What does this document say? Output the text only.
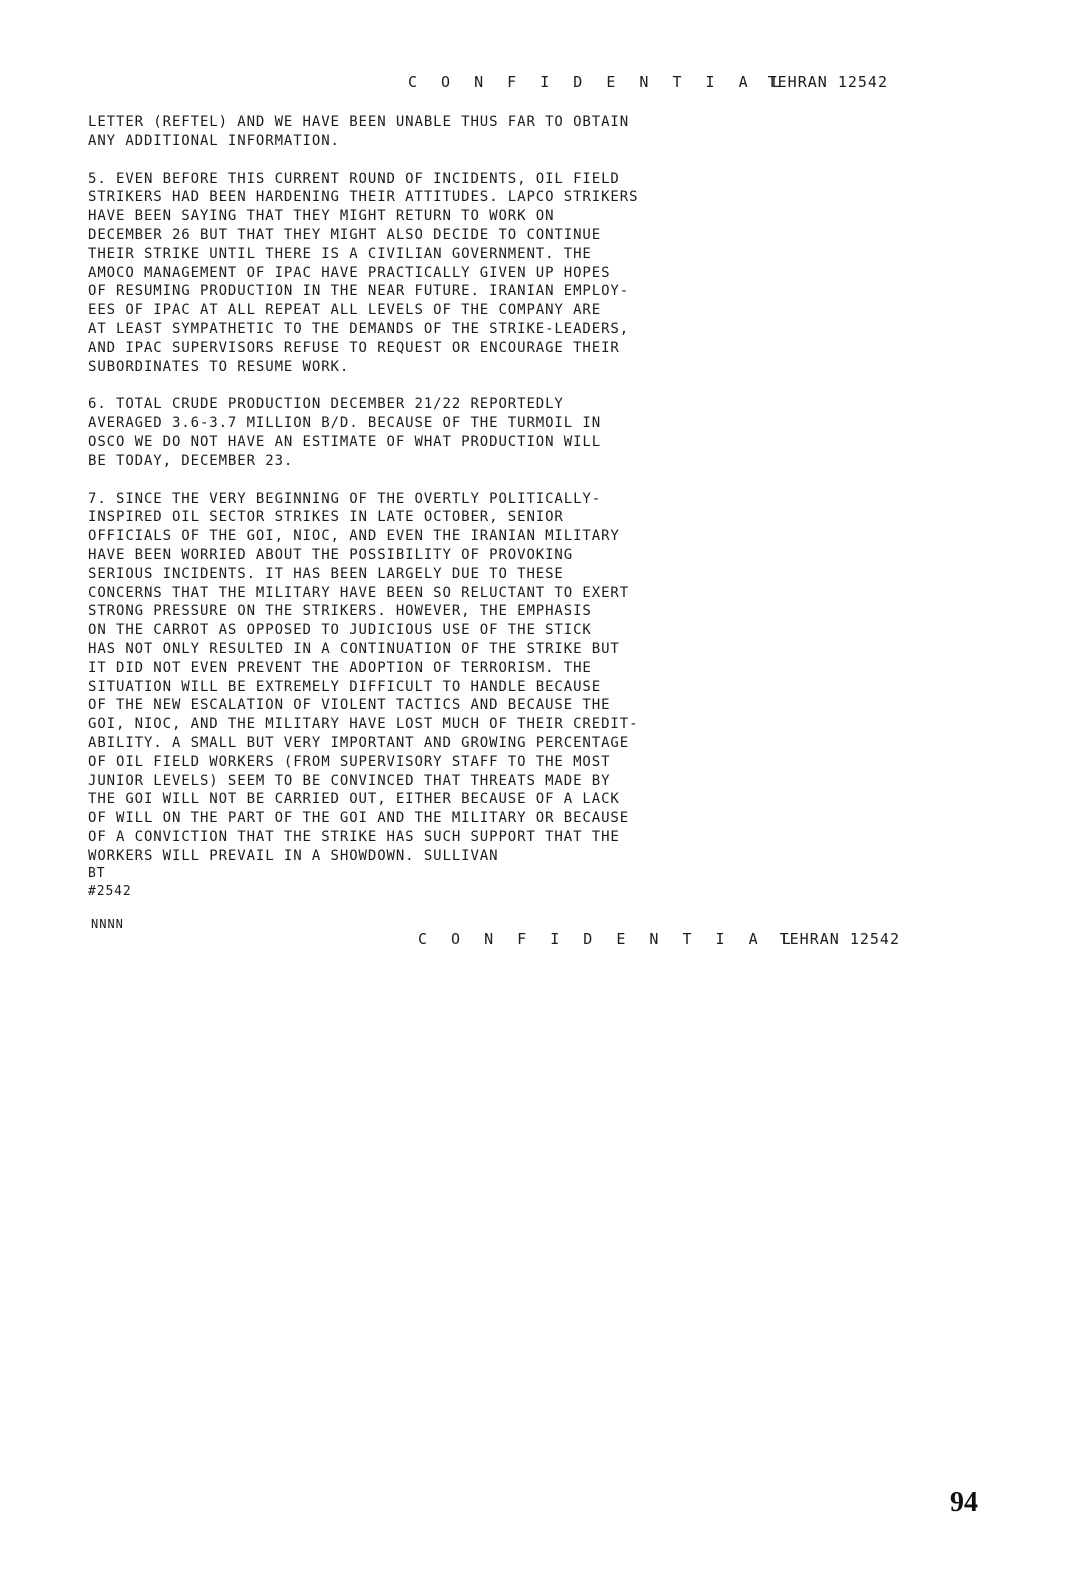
C O N F I D E N T I A L
TEHRAN 12542

LETTER (REFTEL) AND WE HAVE BEEN UNABLE THUS FAR TO OBTAIN
ANY ADDITIONAL INFORMATION.

5. EVEN BEFORE THIS CURRENT ROUND OF INCIDENTS, OIL FIELD
STRIKERS HAD BEEN HARDENING THEIR ATTITUDES. LAPCO STRIKERS
HAVE BEEN SAYING THAT THEY MIGHT RETURN TO WORK ON
DECEMBER 26 BUT THAT THEY MIGHT ALSO DECIDE TO CONTINUE
THEIR STRIKE UNTIL THERE IS A CIVILIAN GOVERNMENT. THE
AMOCO MANAGEMENT OF IPAC HAVE PRACTICALLY GIVEN UP HOPES
OF RESUMING PRODUCTION IN THE NEAR FUTURE. IRANIAN EMPLOY-
EES OF IPAC AT ALL REPEAT ALL LEVELS OF THE COMPANY ARE
AT LEAST SYMPATHETIC TO THE DEMANDS OF THE STRIKE-LEADERS,
AND IPAC SUPERVISORS REFUSE TO REQUEST OR ENCOURAGE THEIR
SUBORDINATES TO RESUME WORK.

6. TOTAL CRUDE PRODUCTION DECEMBER 21/22 REPORTEDLY
AVERAGED 3.6-3.7 MILLION B/D. BECAUSE OF THE TURMOIL IN
OSCO WE DO NOT HAVE AN ESTIMATE OF WHAT PRODUCTION WILL
BE TODAY, DECEMBER 23.

7. SINCE THE VERY BEGINNING OF THE OVERTLY POLITICALLY-
INSPIRED OIL SECTOR STRIKES IN LATE OCTOBER, SENIOR
OFFICIALS OF THE GOI, NIOC, AND EVEN THE IRANIAN MILITARY
HAVE BEEN WORRIED ABOUT THE POSSIBILITY OF PROVOKING
SERIOUS INCIDENTS. IT HAS BEEN LARGELY DUE TO THESE
CONCERNS THAT THE MILITARY HAVE BEEN SO RELUCTANT TO EXERT
STRONG PRESSURE ON THE STRIKERS. HOWEVER, THE EMPHASIS
ON THE CARROT AS OPPOSED TO JUDICIOUS USE OF THE STICK
HAS NOT ONLY RESULTED IN A CONTINUATION OF THE STRIKE BUT
IT DID NOT EVEN PREVENT THE ADOPTION OF TERRORISM. THE
SITUATION WILL BE EXTREMELY DIFFICULT TO HANDLE BECAUSE
OF THE NEW ESCALATION OF VIOLENT TACTICS AND BECAUSE THE
GOI, NIOC, AND THE MILITARY HAVE LOST MUCH OF THEIR CREDIT-
ABILITY. A SMALL BUT VERY IMPORTANT AND GROWING PERCENTAGE
OF OIL FIELD WORKERS (FROM SUPERVISORY STAFF TO THE MOST
JUNIOR LEVELS) SEEM TO BE CONVINCED THAT THREATS MADE BY
THE GOI WILL NOT BE CARRIED OUT, EITHER BECAUSE OF A LACK
OF WILL ON THE PART OF THE GOI AND THE MILITARY OR BECAUSE
OF A CONVICTION THAT THE STRIKE HAS SUCH SUPPORT THAT THE
WORKERS WILL PREVAIL IN A SHOWDOWN. SULLIVAN

BT
#2542

NNNN
C O N F I D E N T I A L
TEHRAN 12542
94
